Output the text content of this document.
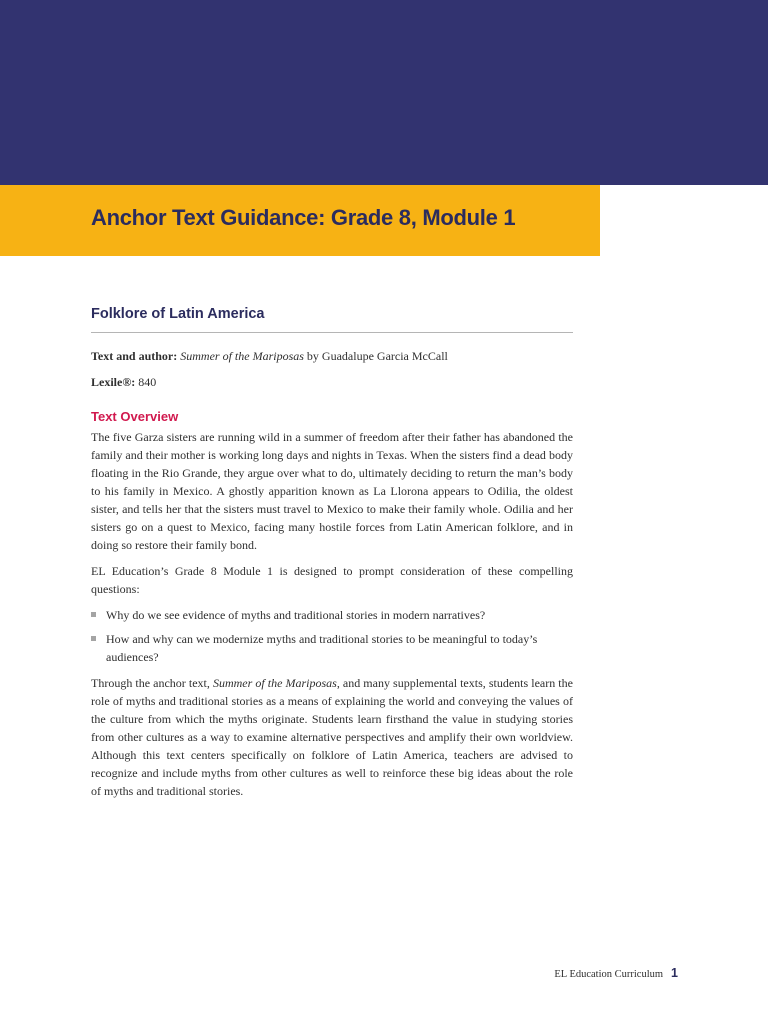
Anchor Text Guidance: Grade 8, Module 1
Folklore of Latin America

Text and author: Summer of the Mariposas by Guadalupe Garcia McCall

Lexile®: 840

Text Overview

The five Garza sisters are running wild in a summer of freedom after their father has abandoned the family and their mother is working long days and nights in Texas. When the sisters find a dead body floating in the Rio Grande, they argue over what to do, ultimately deciding to return the man’s body to his family in Mexico. A ghostly apparition known as La Llorona appears to Odilia, the oldest sister, and tells her that the sisters must travel to Mexico to make their family whole. Odilia and her sisters go on a quest to Mexico, facing many hostile forces from Latin American folklore, and in doing so restore their family bond.

EL Education’s Grade 8 Module 1 is designed to prompt consideration of these compelling questions:

Why do we see evidence of myths and traditional stories in modern narratives?
How and why can we modernize myths and traditional stories to be meaningful to today’s audiences?

Through the anchor text, Summer of the Mariposas, and many supplemental texts, students learn the role of myths and traditional stories as a means of explaining the world and conveying the values of the culture from which the myths originate. Students learn firsthand the value in studying stories from other cultures as a way to examine alternative perspectives and amplify their own worldview. Although this text centers specifically on folklore of Latin America, teachers are advised to recognize and include myths from other cultures as well to reinforce these big ideas about the role of myths and traditional stories.

EL Education Curriculum 1
